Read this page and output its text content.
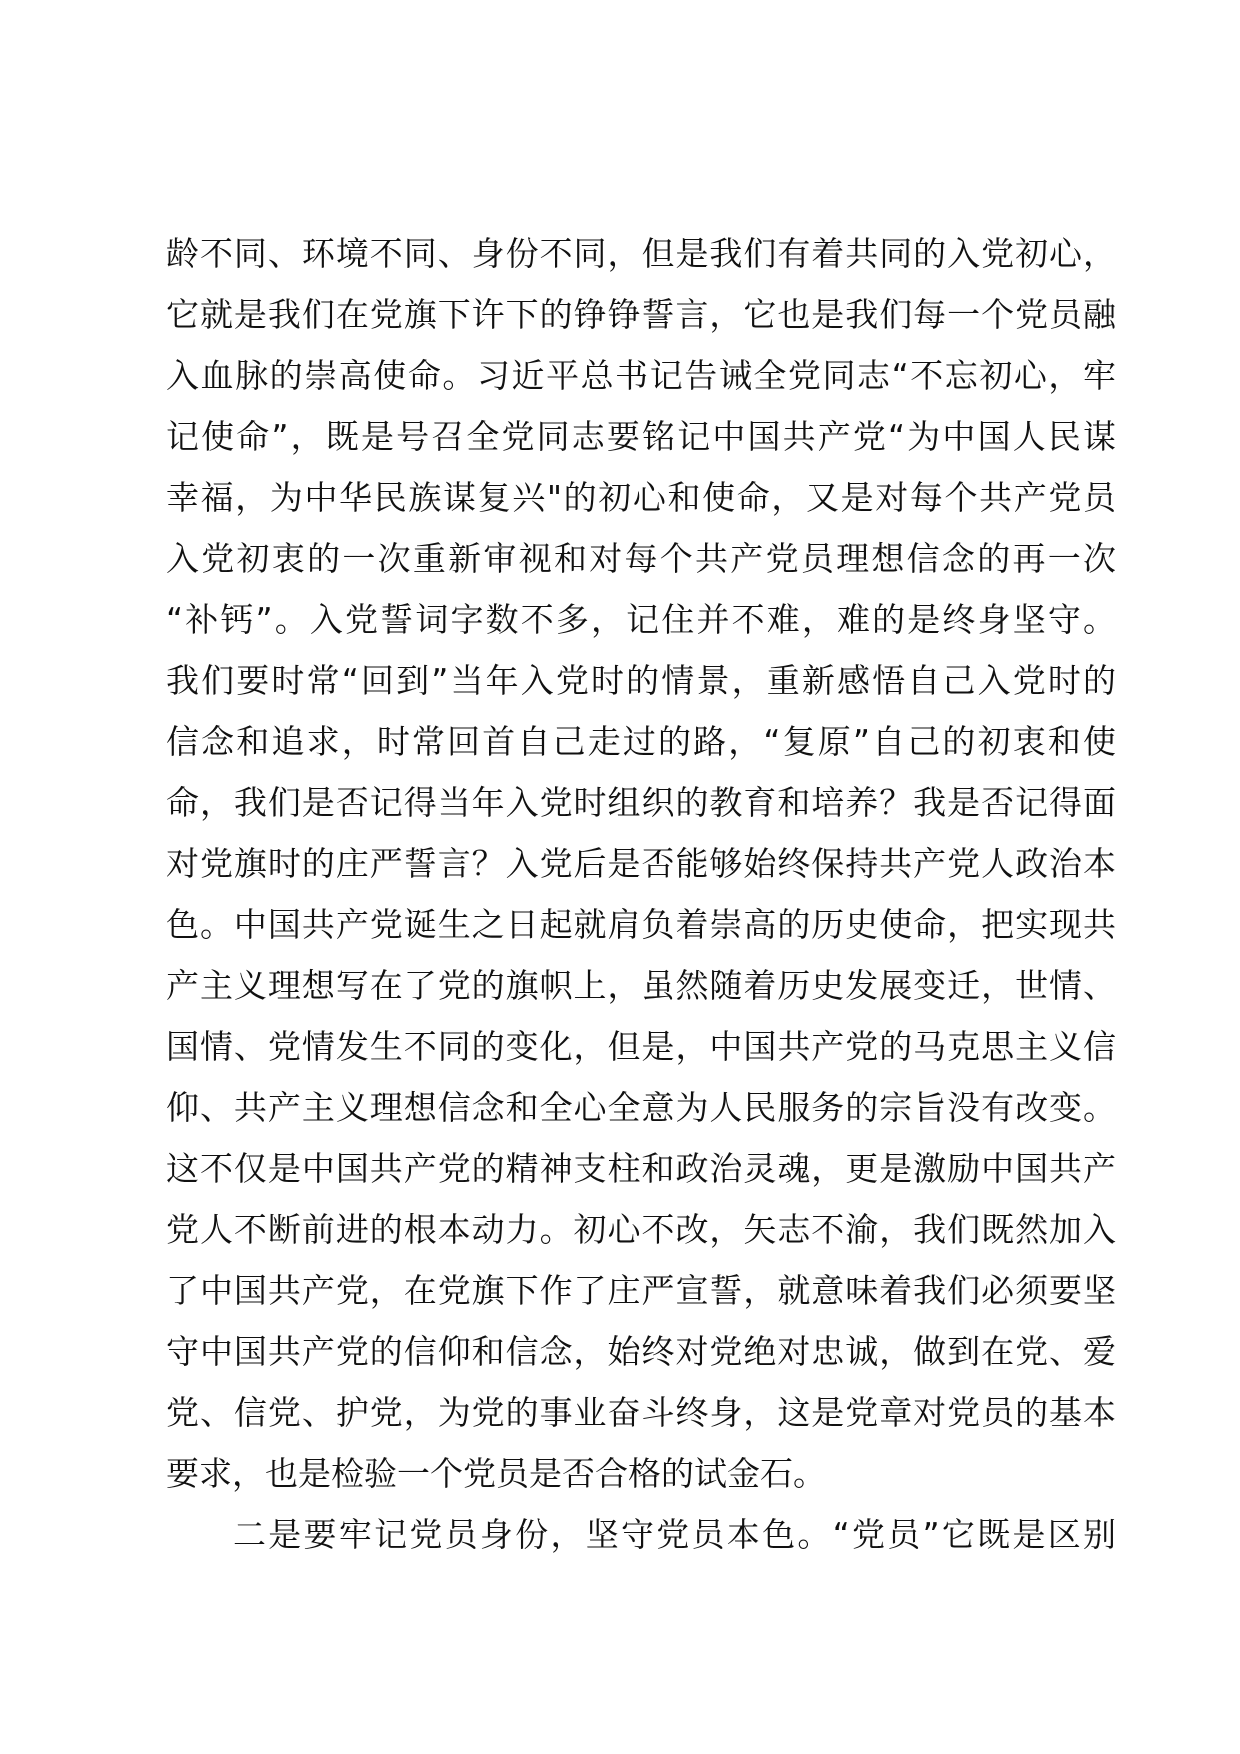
龄不同、环境不同、身份不同，但是我们有着共同的入党初心，
它就是我们在党旗下许下的铮铮誓言，它也是我们每一个党员融
入血脉的崇高使命。习近平总书记告诫全党同志“不忘初心，牢
记使命”，既是号召全党同志要铭记中国共产党“为中国人民谋
幸福，为中华民族谋复兴"的初心和使命，又是对每个共产党员
入党初衷的一次重新审视和对每个共产党员理想信念的再一次
“补钙”。入党誓词字数不多，记住并不难，难的是终身坚守。
我们要时常“回到”当年入党时的情景，重新感悟自己入党时的
信念和追求，时常回首自己走过的路，“复原”自己的初衷和使
命，我们是否记得当年入党时组织的教育和培养？我是否记得面
对党旗时的庄严誓言？入党后是否能够始终保持共产党人政治本
色。中国共产党诞生之日起就肩负着崇高的历史使命，把实现共
产主义理想写在了党的旗帜上，虽然随着历史发展变迁，世情、
国情、党情发生不同的变化，但是，中国共产党的马克思主义信
仰、共产主义理想信念和全心全意为人民服务的宗旨没有改变。
这不仅是中国共产党的精神支柱和政治灵魂，更是激励中国共产
党人不断前进的根本动力。初心不改，矢志不渝，我们既然加入
了中国共产党，在党旗下作了庄严宣誓，就意味着我们必须要坚
守中国共产党的信仰和信念，始终对党绝对忠诚，做到在党、爱
党、信党、护党，为党的事业奋斗终身，这是党章对党员的基本
要求，也是检验一个党员是否合格的试金石。
二是要牢记党员身份，坚守党员本色。“党员”它既是区别
